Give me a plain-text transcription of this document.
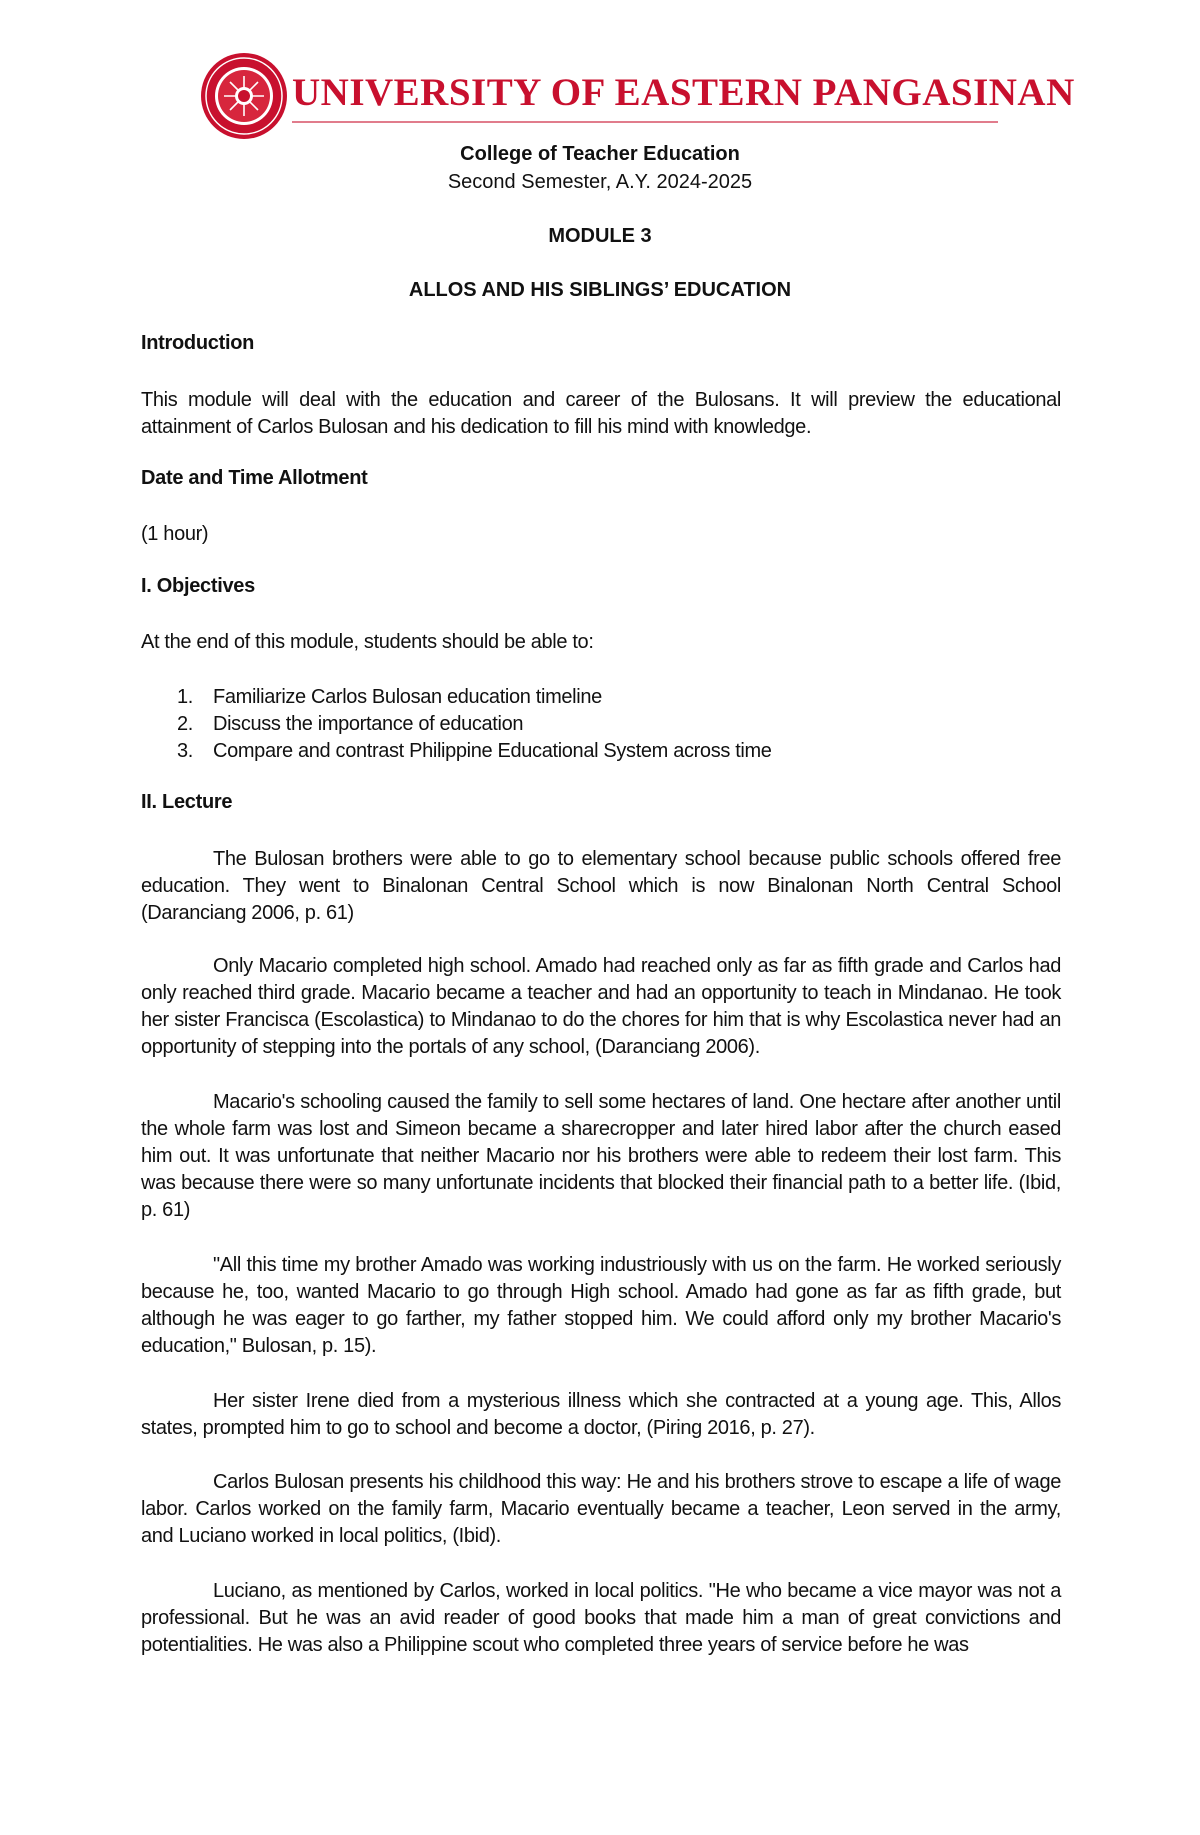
UNIVERSITY OF EASTERN PANGASINAN
College of Teacher Education
Second Semester, A.Y. 2024-2025
MODULE 3
ALLOS AND HIS SIBLINGS’ EDUCATION
Introduction
This module will deal with the education and career of the Bulosans. It will preview the educational attainment of Carlos Bulosan and his dedication to fill his mind with knowledge.
Date and Time Allotment
(1 hour)
I. Objectives
At the end of this module, students should be able to:
1. Familiarize Carlos Bulosan education timeline
2. Discuss the importance of education
3. Compare and contrast Philippine Educational System across time
II. Lecture
The Bulosan brothers were able to go to elementary school because public schools offered free education. They went to Binalonan Central School which is now Binalonan North Central School (Daranciang 2006, p. 61)
Only Macario completed high school. Amado had reached only as far as fifth grade and Carlos had only reached third grade. Macario became a teacher and had an opportunity to teach in Mindanao. He took her sister Francisca (Escolastica) to Mindanao to do the chores for him that is why Escolastica never had an opportunity of stepping into the portals of any school, (Daranciang 2006).
Macario's schooling caused the family to sell some hectares of land. One hectare after another until the whole farm was lost and Simeon became a sharecropper and later hired labor after the church eased him out. It was unfortunate that neither Macario nor his brothers were able to redeem their lost farm. This was because there were so many unfortunate incidents that blocked their financial path to a better life. (Ibid, p. 61)
"All this time my brother Amado was working industriously with us on the farm. He worked seriously because he, too, wanted Macario to go through High school. Amado had gone as far as fifth grade, but although he was eager to go farther, my father stopped him. We could afford only my brother Macario's education," Bulosan, p. 15).
Her sister Irene died from a mysterious illness which she contracted at a young age. This, Allos states, prompted him to go to school and become a doctor, (Piring 2016, p. 27).
Carlos Bulosan presents his childhood this way: He and his brothers strove to escape a life of wage labor. Carlos worked on the family farm, Macario eventually became a teacher, Leon served in the army, and Luciano worked in local politics, (Ibid).
Luciano, as mentioned by Carlos, worked in local politics. "He who became a vice mayor was not a professional. But he was an avid reader of good books that made him a man of great convictions and potentialities. He was also a Philippine scout who completed three years of service before he was
